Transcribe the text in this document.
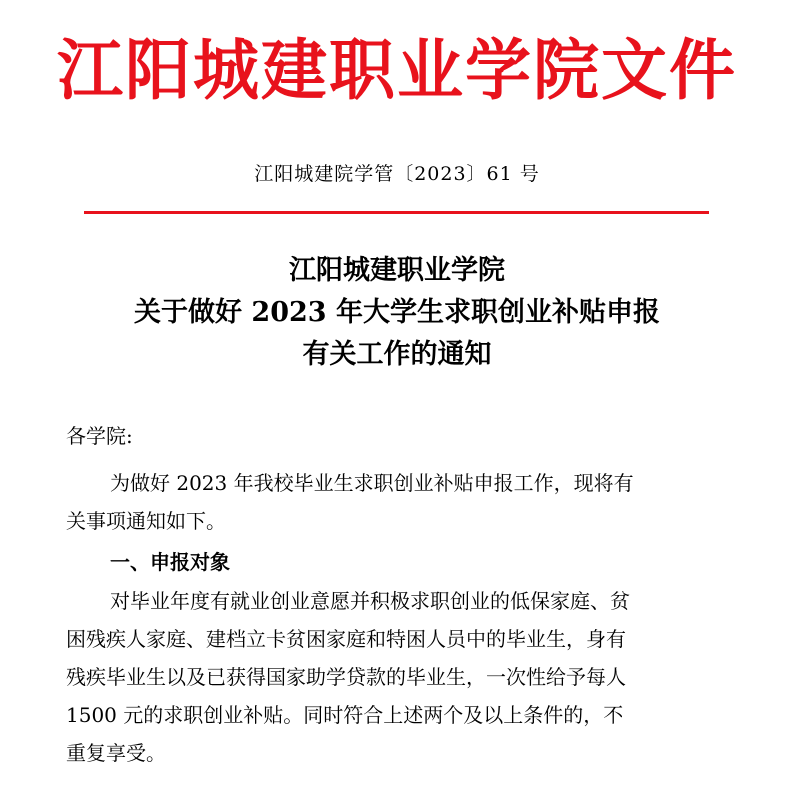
江阳城建职业学院文件
江阳城建院学管〔2023〕61 号
江阳城建职业学院
关于做好 2023 年大学生求职创业补贴申报
有关工作的通知
各学院:
为做好 2023 年我校毕业生求职创业补贴申报工作，现将有
关事项通知如下。
一、申报对象
对毕业年度有就业创业意愿并积极求职创业的低保家庭、贫
困残疾人家庭、建档立卡贫困家庭和特困人员中的毕业生，身有
残疾毕业生以及已获得国家助学贷款的毕业生，一次性给予每人
1500 元的求职创业补贴。同时符合上述两个及以上条件的，不
重复享受。
